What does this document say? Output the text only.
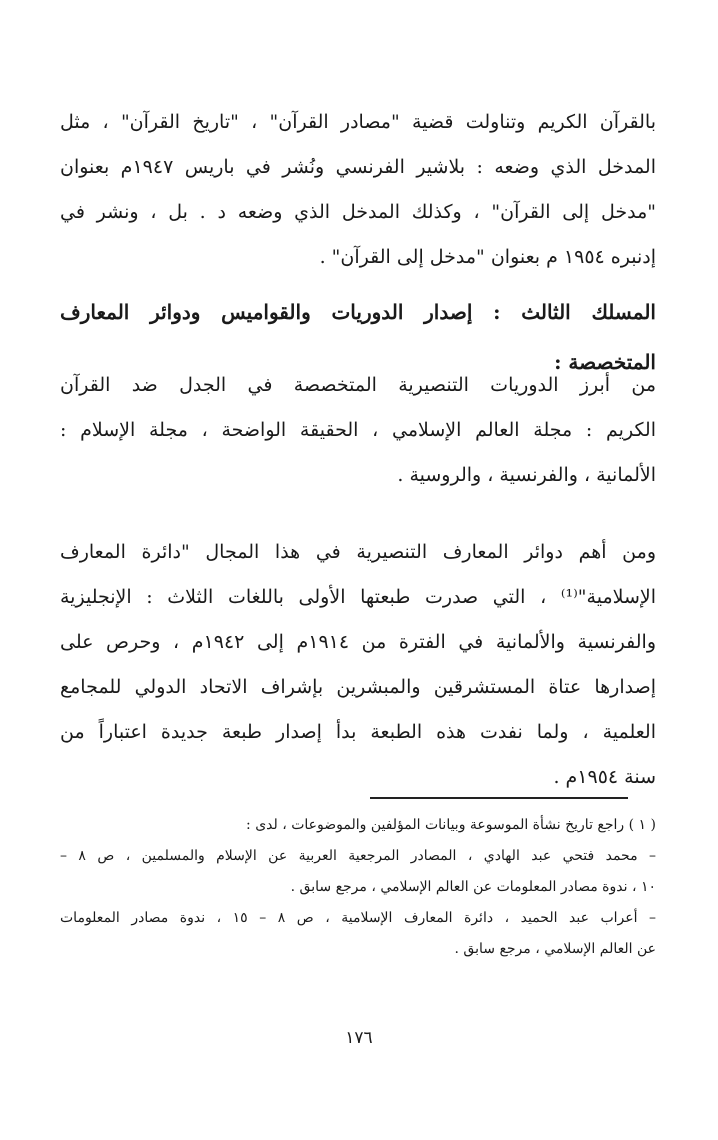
بالقرآن الكريم وتناولت قضية "مصادر القرآن" ، "تاريخ القرآن" ، مثل
المدخل الذي وضعه : بلاشير الفرنسي ونُشر في باريس ١٩٤٧م بعنوان
"مدخل إلى القرآن" ، وكذلك المدخل الذي وضعه د . بل ، ونشر في
إدنبره ١٩٥٤ م بعنوان "مدخل إلى القرآن" .
المسلك الثالث : إصدار الدوريات والقواميس ودوائر المعارف
المتخصصة :
من أبرز الدوريات التنصيرية المتخصصة في الجدل ضد القرآن
الكريم : مجلة العالم الإسلامي ، الحقيقة الواضحة ، مجلة الإسلام :
الألمانية ، والفرنسية ، والروسية .
ومن أهم دوائر المعارف التنصيرية في هذا المجال "دائرة المعارف
الإسلامية"⁽¹⁾ ، التي صدرت طبعتها الأولى باللغات الثلاث : الإنجليزية
والفرنسية والألمانية في الفترة من ١٩١٤م إلى ١٩٤٢م ، وحرص على
إصدارها عتاة المستشرقين والمبشرين بإشراف الاتحاد الدولي للمجامع
العلمية ، ولما نفدت هذه الطبعة بدأ إصدار طبعة جديدة اعتباراً من
سنة ١٩٥٤م .
( ١ ) راجع تاريخ نشأة الموسوعة وبيانات المؤلفين والموضوعات ، لدى :
– محمد فتحي عبد الهادي ، المصادر المرجعية العربية عن الإسلام والمسلمين ، ص ٨ –
١٠ ، ندوة مصادر المعلومات عن العالم الإسلامي ، مرجع سابق .
– أعراب عبد الحميد ، دائرة المعارف الإسلامية ، ص ٨ – ١٥ ، ندوة مصادر المعلومات
عن العالم الإسلامي ، مرجع سابق .
١٧٦
